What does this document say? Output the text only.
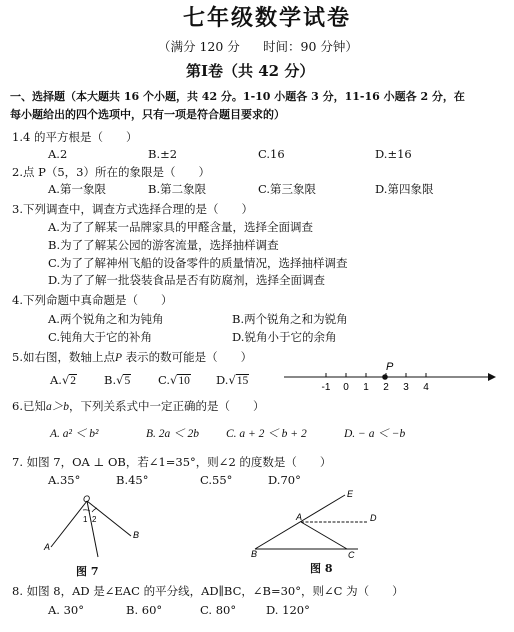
七年级数学试卷
（满分 120 分 时间：90 分钟）
第Ⅰ卷（共 42 分）
一、选择题（本大题共 16 个小题，共 42 分。1-10 小题各 3 分，11-16 小题各 2 分，在
每小题给出的四个选项中，只有一项是符合题目要求的）
1.4 的平方根是（　　）
A.2	B.±2	C.16	D.±16
2.点 P（5，3）所在的象限是（　　）
A.第一象限	B.第二象限	C.第三象限	D.第四象限
3.下列调查中，调查方式选择合理的是（　　）
A.为了了解某一品牌家具的甲醛含量，选择全面调查
B.为了了解某公园的游客流量，选择抽样调查
C.为了了解神州飞船的设备零件的质量情况，选择抽样调查
D.为了了解一批袋装食品是否有防腐剂，选择全面调查
4.下列命题中真命题是（　　）
A.两个锐角之和为钝角	B.两个锐角之和为锐角
C.钝角大于它的补角	D.锐角小于它的余角
5.如右图，数轴上点P 表示的数可能是（　　）
A.√2 B.√5 C.√10 D.√15
-1 0 1 2 3 4
P
6.已知a＞b，下列关系式中一定正确的是（　　）
A. a² ＜ b²	B. 2a ＜ 2b C. a + 2 ＜ b + 2	D. − a ＜ −b
7. 如图 7，OA ⊥ OB，若∠1=35°，则∠2 的度数是（　　）
A.35°	B.45°	C.55°	D.70°
O
A
B
1 2
图 7
A
B	C
D
E
图 8
8. 如图 8，AD 是∠EAC 的平分线，AD∥BC，∠B=30°，则∠C 为（　　）
A. 30°	B. 60°	C. 80°	D. 120°
